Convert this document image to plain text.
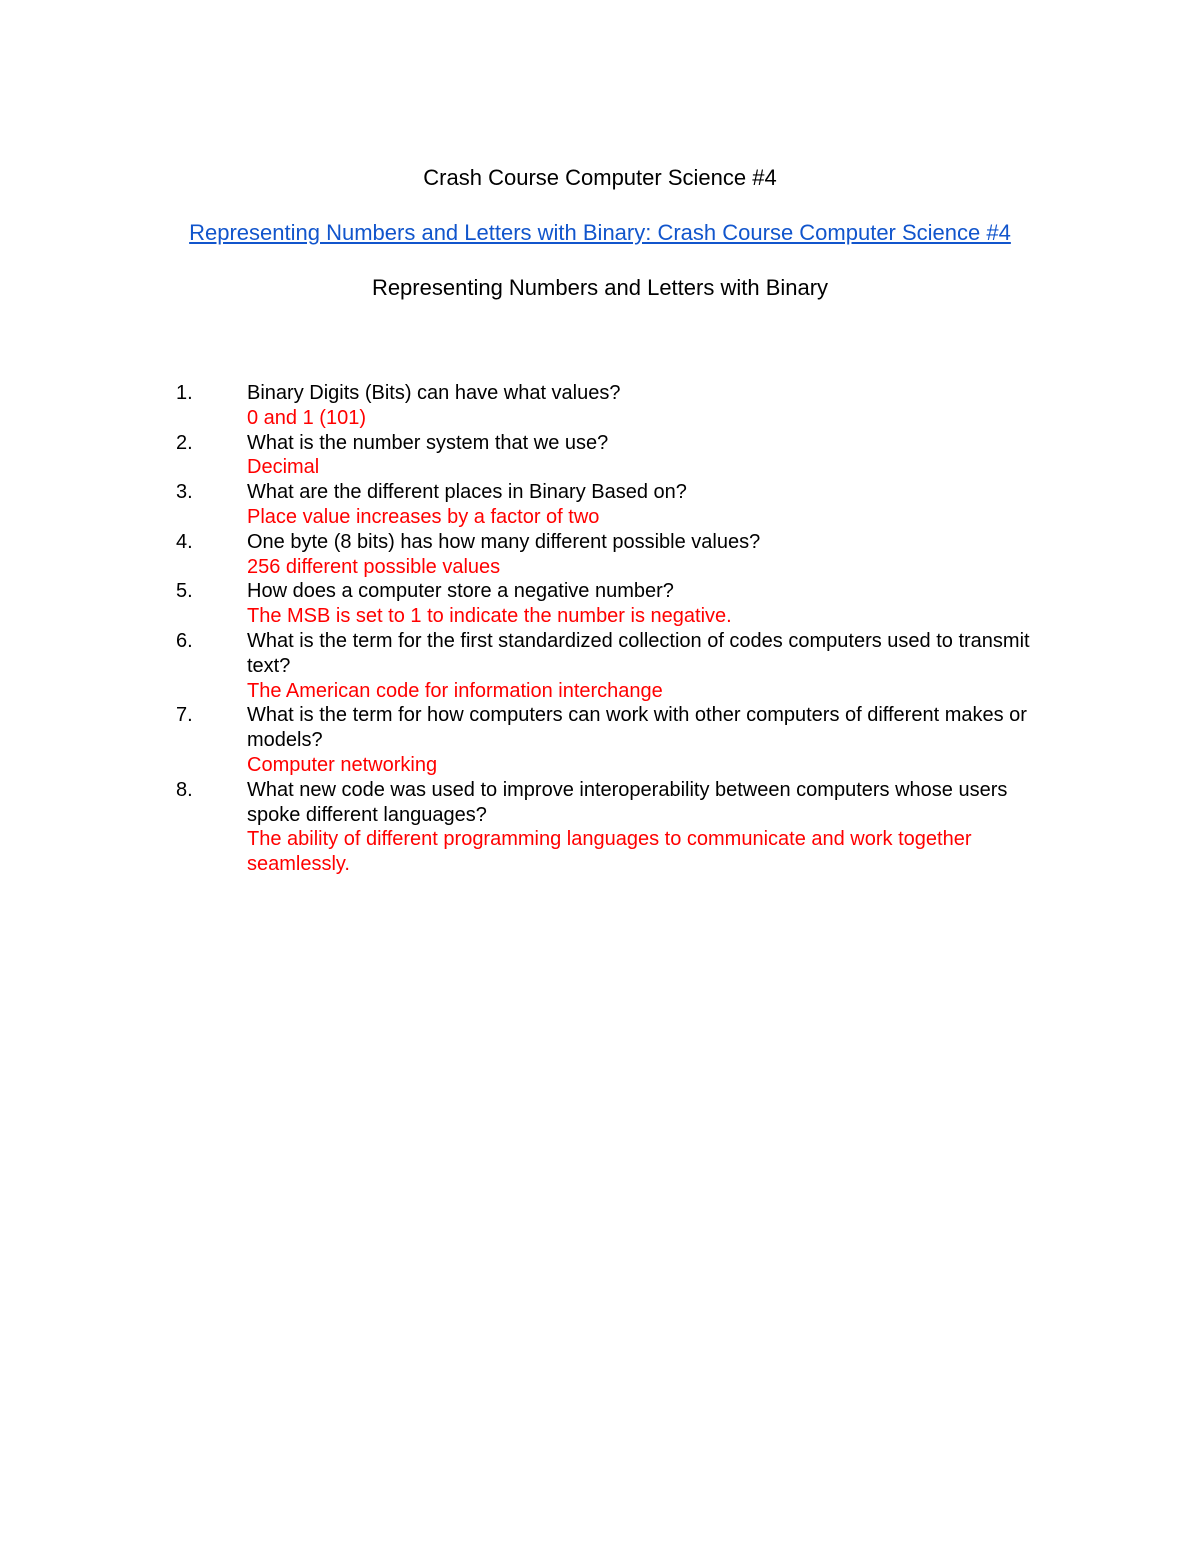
Crash Course Computer Science #4
Representing Numbers and Letters with Binary: Crash Course Computer Science #4
Representing Numbers and Letters with Binary
1.	Binary Digits (Bits) can have what values?
0 and 1 (101)
2.	What is the number system that we use?
Decimal
3.	What are the different places in Binary Based on?
Place value increases by a factor of two
4.	One byte (8 bits) has how many different possible values?
256 different possible values
5.	How does a computer store a negative number?
The MSB is set to 1 to indicate the number is negative.
6.	What is the term for the first standardized collection of codes computers used to transmit text?
The American code for information interchange
7.	What is the term for how computers can work with other computers of different makes or models?
Computer networking
8.	What new code was used to improve interoperability between computers whose users spoke different languages?
The ability of different programming languages to communicate and work together seamlessly.
